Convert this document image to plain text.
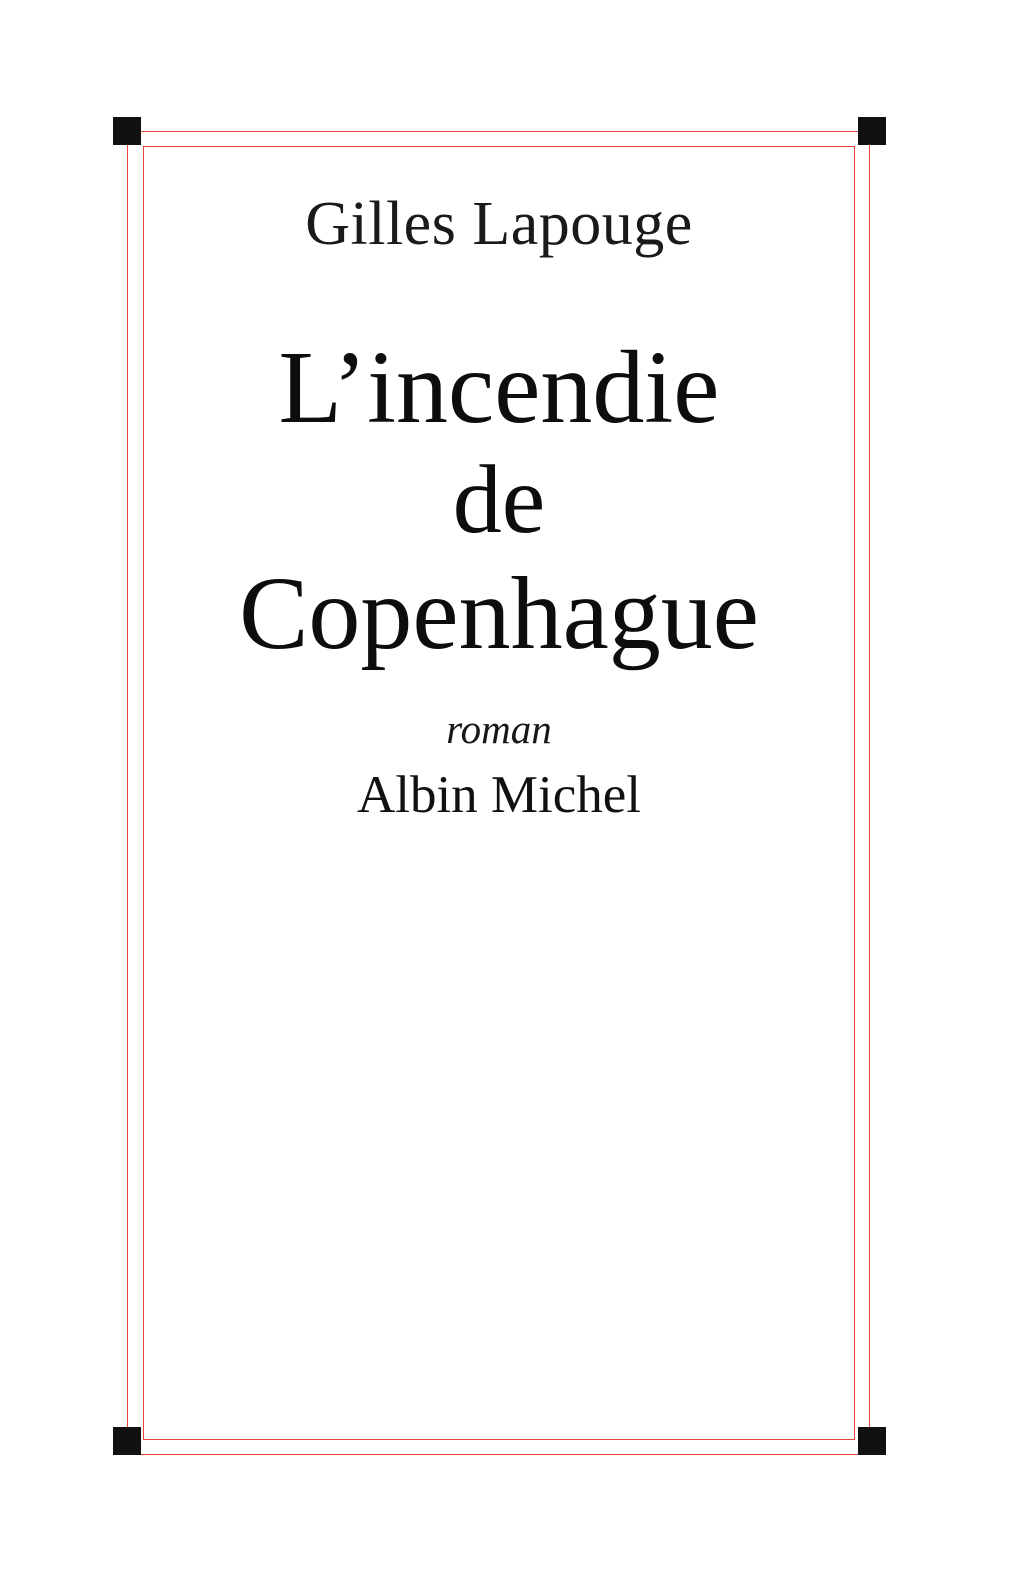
Gilles Lapouge
L’incendie
de
Copenhague
roman
Albin Michel
